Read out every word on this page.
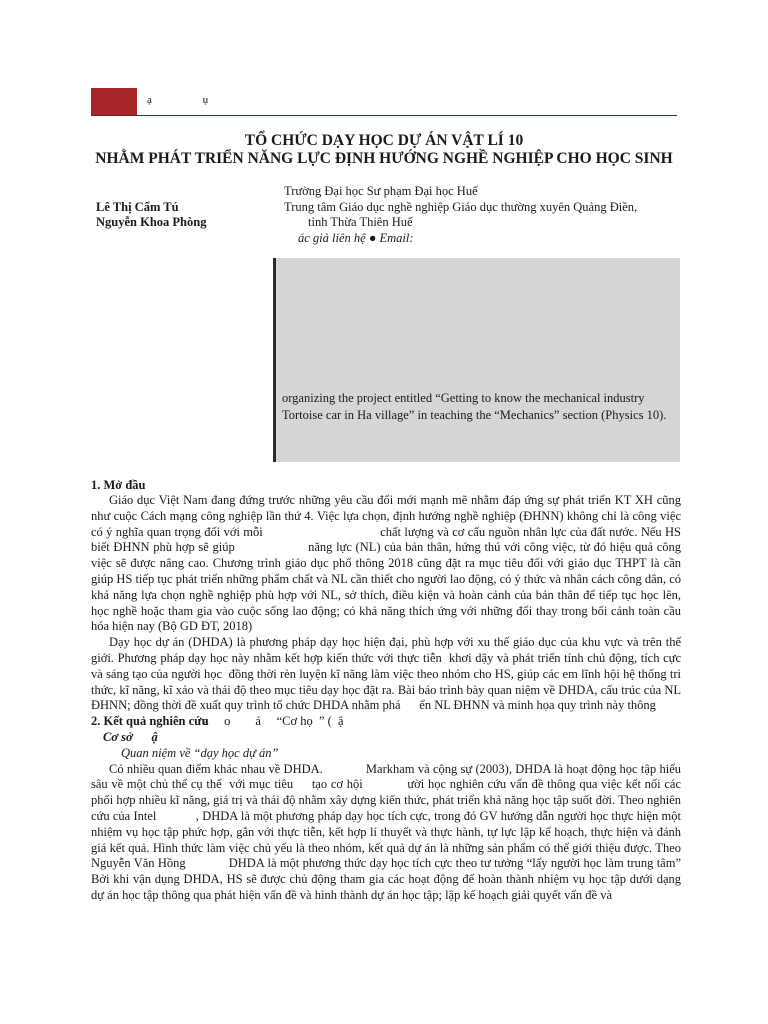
ạ ụ
TỔ CHỨC DẠY HỌC DỰ ÁN VẬT LÍ 10
NHẰM PHÁT TRIỂN NĂNG LỰC ĐỊNH HƯỚNG NGHỀ NGHIỆP CHO HỌC SINH
Trường Đại học Sư phạm Đại học Huế
Lê Thị Cẩm Tú	Trung tâm Giáo dục nghề nghiệp Giáo dục thường xuyên Quảng Điền,
Nguyễn Khoa Phòng	tỉnh Thừa Thiên Huế
ác giả liên hệ ● Email:
organizing the project entitled “Getting to know the mechanical industry Tortoise car in Ha village” in teaching the “Mechanics” section (Physics 10).
1. Mở đầu

Giáo dục Việt Nam đang đứng trước những yêu cầu đổi mới mạnh mẽ nhằm đáp ứng sự phát triển KT XH cũng như cuộc Cách mạng công nghiệp lần thứ 4. Việc lựa chọn, định hướng nghề nghiệp (ĐHNN) không chỉ là công việc có ý nghĩa quan trọng đối với mỗi                                   chất lượng và cơ cấu nguồn nhân lực của đất nước. Nếu HS biết ĐHNN phù hợp sẽ giúp                    năng lực (NL) của bản thân, hứng thú với công việc, từ đó hiệu quả công việc sẽ được nâng cao. Chương trình giáo dục phổ thông 2018 cũng đặt ra mục tiêu đối với giáo dục THPT là cần giúp HS tiếp tục phát triển những phẩm chất và NL cần thiết cho người lao động, có ý thức và nhân cách công dân, có khả năng lựa chọn nghề nghiệp phù hợp với NL, sở thích, điều kiện và hoàn cảnh của bản thân để tiếp tục học lên, học nghề hoặc tham gia vào cuộc sống lao động; có khả năng thích ứng với những đổi thay trong bối cảnh toàn cầu hóa hiện nay (Bộ GD ĐT, 2018)

Dạy học dự án (DHDA) là phương pháp dạy học hiện đại, phù hợp với xu thế giáo dục của khu vực và trên thế giới. Phương pháp dạy học này nhằm kết hợp kiến thức với thực tiễn  khơi dậy và phát triển tính chủ động, tích cực và sáng tạo của người học  đồng thời rèn luyện kĩ năng làm việc theo nhóm cho HS, giúp các em lĩnh hội hệ thống tri thức, kĩ năng, kĩ xảo và thái độ theo mục tiêu dạy học đặt ra. Bài báo trình bày quan niệm về DHDA, cấu trúc của NL ĐHNN; đồng thời đề xuất quy trình tổ chức DHDA nhằm phá      ển NL ĐHNN và minh họa quy trình này thông

a     o        ả     “Cơ họ  ” (  ậ

2. Kết quả nghiên cứu
Cơ sở      ậ
Quan niệm về “dạy học dự án”

Có nhiều quan điểm khác nhau về DHDA.             Markham và cộng sự (2003), DHDA là hoạt động học tập hiểu sâu về một chủ thể cụ thể  với mục tiêu     tạo cơ hội            ười học nghiên cứu vấn đề thông qua việc kết nối các             phối hợp nhiều kĩ năng, giá trị và thái độ nhằm xây dựng kiến thức, phát triển khả năng học tập suốt đời. Theo nghiên cứu của Intel            , DHDA là một phương pháp dạy học tích cực, trong đó GV hướng dẫn người học thực hiện một nhiệm vụ học tập phức hợp, gắn với thực tiễn, kết hợp lí thuyết và thực hành, tự lực lập kế hoạch, thực hiện và đánh giá kết quả. Hình thức làm việc chủ yếu là theo nhóm, kết quả dự án là những sản phẩm có thể giới thiệu được. Theo Nguyễn Văn Hồng             DHDA là một phương thức dạy học tích cực theo tư tưởng “lấy người học làm trung tâm”  Bởi khi vận dụng DHDA, HS sẽ được chủ động tham gia các hoạt động để hoàn thành nhiệm vụ học tập dưới dạng dự án học tập thông qua phát hiện vấn đề và hình thành dự án học tập; lập kế hoạch giải quyết vấn đề và
